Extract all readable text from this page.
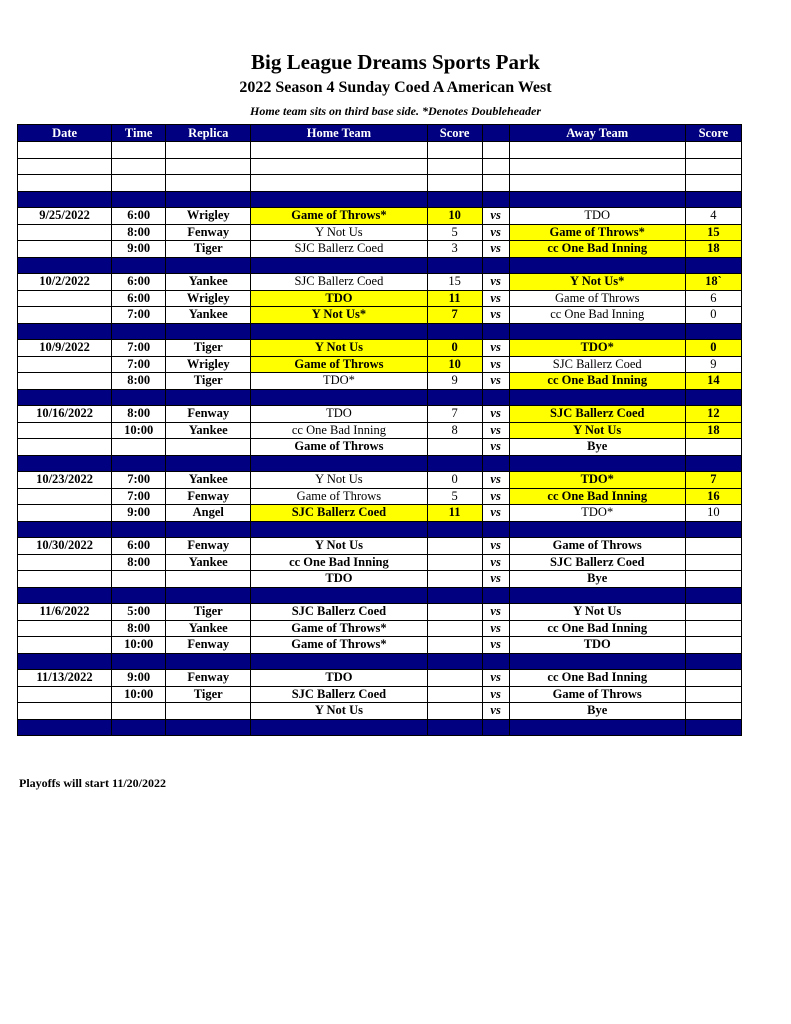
Big League Dreams Sports Park
2022 Season 4 Sunday Coed A American West
Home team sits on third base side. *Denotes Doubleheader
Date	Time	Replica	Home Team	Score		Away Team	Score

9/25/2022	6:00	Wrigley	Game of Throws*	10	vs	TDO	4
	8:00	Fenway	Y Not Us	5	vs	Game of Throws*	15
	9:00	Tiger	SJC Ballerz Coed	3	vs	cc One Bad Inning	18

10/2/2022	6:00	Yankee	SJC Ballerz Coed	15	vs	Y Not Us*	18`
	6:00	Wrigley	TDO	11	vs	Game of Throws	6
	7:00	Yankee	Y Not Us*	7	vs	cc One Bad Inning	0

10/9/2022	7:00	Tiger	Y Not Us	0	vs	TDO*	0
	7:00	Wrigley	Game of Throws	10	vs	SJC Ballerz Coed	9
	8:00	Tiger	TDO*	9	vs	cc One Bad Inning	14

10/16/2022	8:00	Fenway	TDO	7	vs	SJC Ballerz Coed	12
	10:00	Yankee	cc One Bad Inning	8	vs	Y Not Us	18
			Game of Throws		vs	Bye	

10/23/2022	7:00	Yankee	Y Not Us	0	vs	TDO*	7
	7:00	Fenway	Game of Throws	5	vs	cc One Bad Inning	16
	9:00	Angel	SJC Ballerz Coed	11	vs	TDO*	10

10/30/2022	6:00	Fenway	Y Not Us		vs	Game of Throws	
	8:00	Yankee	cc One Bad Inning		vs	SJC Ballerz Coed	
			TDO		vs	Bye	

11/6/2022	5:00	Tiger	SJC Ballerz Coed		vs	Y Not Us	
	8:00	Yankee	Game of Throws*		vs	cc One Bad Inning	
	10:00	Fenway	Game of Throws*		vs	TDO	

11/13/2022	9:00	Fenway	TDO		vs	cc One Bad Inning	
	10:00	Tiger	SJC Ballerz Coed		vs	Game of Throws	
			Y Not Us		vs	Bye	

Playoffs will start 11/20/2022
